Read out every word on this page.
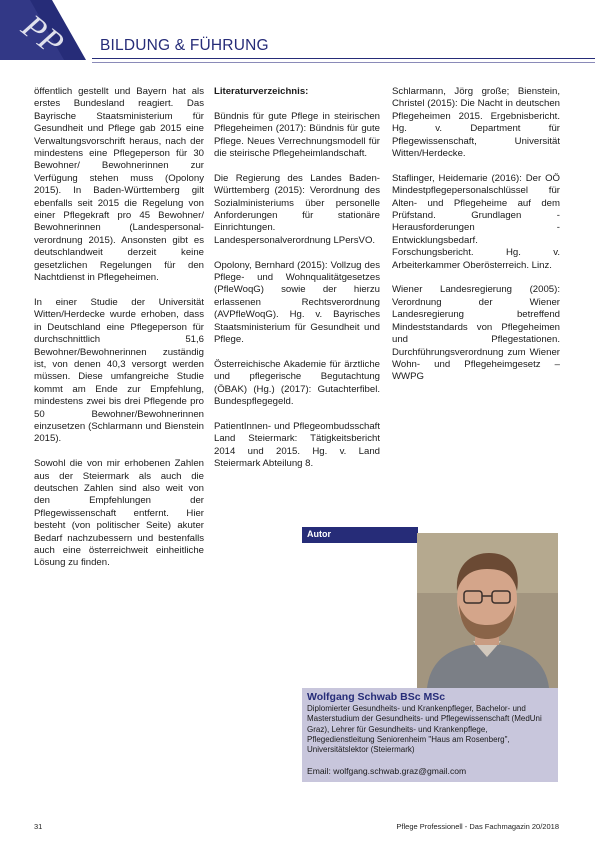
PP BILDUNG & FÜHRUNG

öffentlich gestellt und Bayern hat als erstes Bundesland reagiert. Das Bayrische Staatsministerium für Gesundheit und Pflege gab 2015 eine Verwaltungsvorschrift heraus, nach der mindestens eine Pflegeperson für 30 Bewohner/ Bewohnerinnen zur Verfügung stehen muss (Opolony 2015). In Baden-Württemberg gilt ebenfalls seit 2015 die Regelung von einer Pflegekraft pro 45 Bewohner/ Bewohnerinnen (Landespersonalverordnung 2015). Ansonsten gibt es deutschlandweit derzeit keine gesetzlichen Regelungen für den Nachtdienst in Pflegeheimen.

In einer Studie der Universität Witten/Herdecke wurde erhoben, dass in Deutschland eine Pflegeperson für durchschnittlich 51,6 Bewohner/Bewohnerinnen zuständig ist, von denen 40,3 versorgt werden müssen. Diese umfangreiche Studie kommt am Ende zur Empfehlung, mindestens zwei bis drei Pflegende pro 50 Bewohner/Bewohnerinnen einzusetzen (Schlarmann und Bienstein 2015).

Sowohl die von mir erhobenen Zahlen aus der Steiermark als auch die deutschen Zahlen sind also weit von den Empfehlungen der Pflegewissenschaft entfernt. Hier besteht (von politischer Seite) akuter Bedarf nachzubessern und bestenfalls auch eine österreichweit einheitliche Lösung zu finden.

Literaturverzeichnis:

Bündnis für gute Pflege in steirischen Pflegeheimen (2017): Bündnis für gute Pflege. Neues Verrechnungsmodell für die steirische Pflegeheimlandschaft.

Die Regierung des Landes Baden-Württemberg (2015): Verordnung des Sozialministeriums über personelle Anforderungen für stationäre Einrichtungen. Landespersonalverordnung LPersVO.

Opolony, Bernhard (2015): Vollzug des Pflege- und Wohnqualitätgesetzes (PfleWoqG) sowie der hierzu erlassenen Rechtsverordnung (AVPfleWoqG). Hg. v. Bayrisches Staatsministerium für Gesundheit und Pflege.

Österreichische Akademie für ärztliche und pflegerische Begutachtung (ÖBAK) (Hg.) (2017): Gutachterfibel. Bundespflegegeld.

PatientInnen- und Pflegeombudsschaft Land Steiermark: Tätigkeitsbericht 2014 und 2015. Hg. v. Land Steiermark Abteilung 8.

Schlarmann, Jörg große; Bienstein, Christel (2015): Die Nacht in deutschen Pflegeheimen 2015. Ergebnisbericht. Hg. v. Department für Pflegewissenschaft, Universität Witten/Herdecke.

Staflinger, Heidemarie (2016): Der OÖ Mindestpflegepersonalschlüssel für Alten- und Pflegeheime auf dem Prüfstand. Grundlagen - Herausforderungen - Entwicklungsbedarf. Forschungsbericht. Hg. v. Arbeiterkammer Oberösterreich. Linz.

Wiener Landesregierung (2005): Verordnung der Wiener Landesregierung betreffend Mindeststandards von Pflegeheimen und Pflegestationen. Durchführungsverordnung zum Wiener Wohn- und Pflegeheimgesetz – WWPG

Autor
Wolfgang Schwab BSc MSc
Diplomierter Gesundheits- und Krankenpfleger, Bachelor- und Masterstudium der Gesundheits- und Pflegewissenschaft (MedUni Graz), Lehrer für Gesundheits- und Krankenpflege, Pflegedienstleitung Seniorenheim "Haus am Rosenberg", Universitätslektor (Steiermark)
Email: wolfgang.schwab.graz@gmail.com
31	Pflege Professionell - Das Fachmagazin 20/2018
